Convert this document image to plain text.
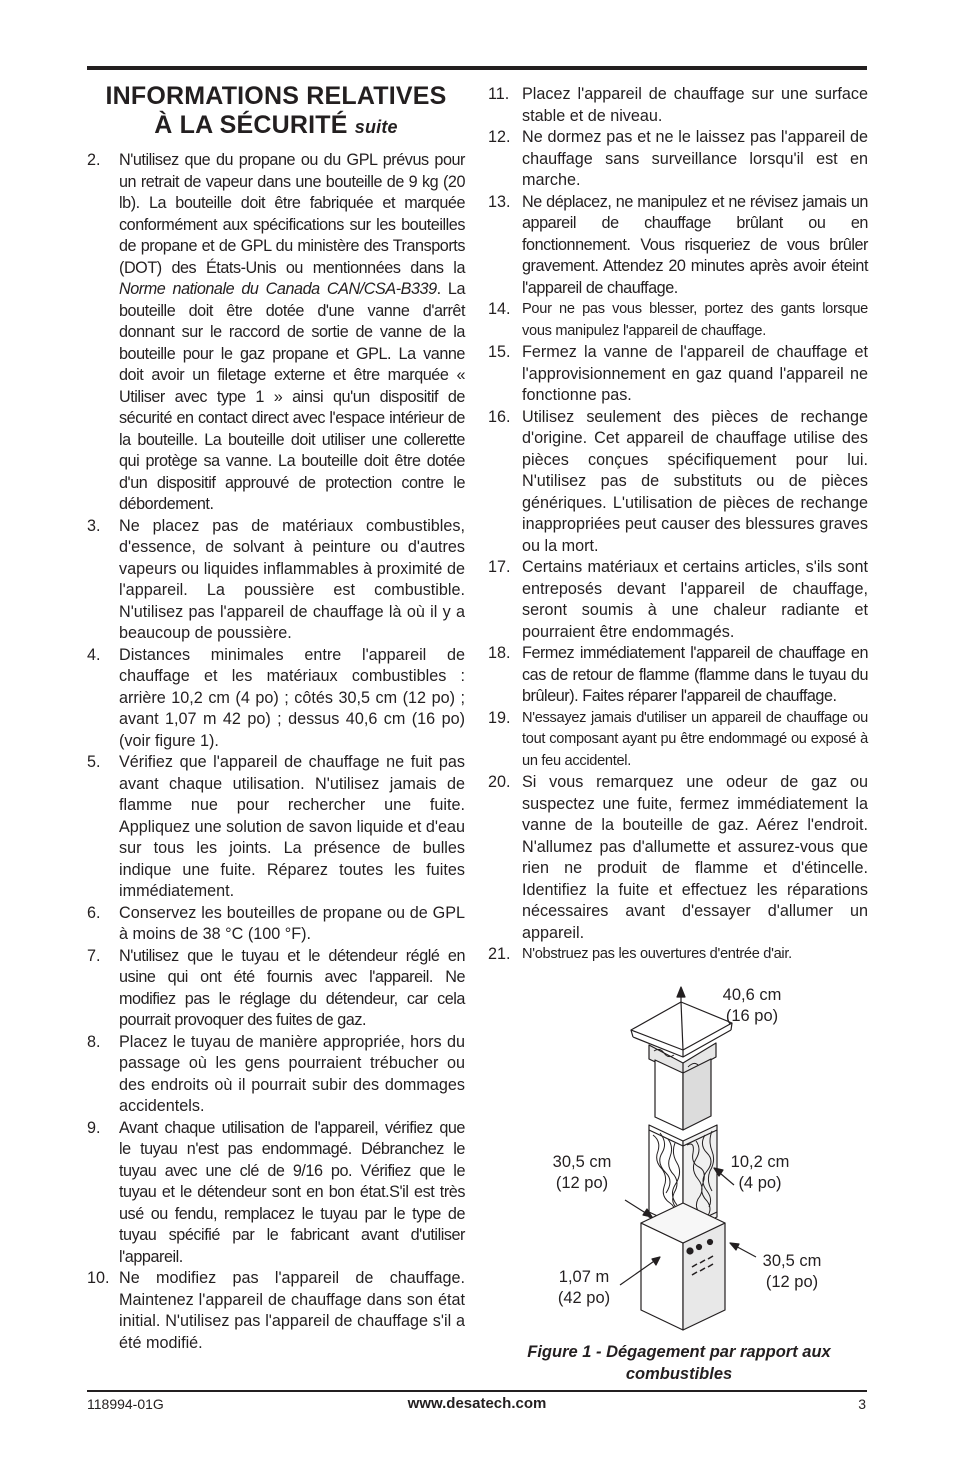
INFORMATIONS RELATIVES
À LA SÉCURITÉ suite
2.	N'utilisez que du propane ou du GPL prévus pour un retrait de vapeur dans une bouteille de 9 kg (20 lb). La bouteille doit être fabriquée et marquée conformément aux spécifications sur les bouteilles de propane et de GPL du ministère des Transports (DOT) des États-Unis ou mentionnées dans la Norme nationale du Canada CAN/CSA-B339. La bouteille doit être dotée d'une vanne d'arrêt donnant sur le raccord de sortie de vanne de la bouteille pour le gaz propane et GPL. La vanne doit avoir un filetage externe et être marquée « Utiliser avec type 1 » ainsi qu'un dispositif de sécurité en contact direct avec l'espace intérieur de la bouteille. La bouteille doit utiliser une collerette qui protège sa vanne. La bouteille doit être dotée d'un dispositif approuvé de protection contre le débordement.
3.	Ne placez pas de matériaux combustibles, d'essence, de solvant à peinture ou d'autres vapeurs ou liquides inflammables à proximité de l'appareil. La poussière est combustible. N'utilisez pas l'appareil de chauffage là où il y a beaucoup de poussière.
4.	Distances minimales entre l'appareil de chauffage et les matériaux combustibles : arrière 10,2 cm (4 po) ; côtés 30,5 cm (12 po) ; avant 1,07 m 42 po) ; dessus 40,6 cm (16 po) (voir figure 1).
5.	Vérifiez que l'appareil de chauffage ne fuit pas avant chaque utilisation. N'utilisez jamais de flamme nue pour rechercher une fuite. Appliquez une solution de savon liquide et d'eau sur tous les joints. La présence de bulles indique une fuite. Réparez toutes les fuites immédiatement.
6.	Conservez les bouteilles de propane ou de GPL à moins de 38 °C (100 °F).
7.	N'utilisez que le tuyau et le détendeur réglé en usine qui ont été fournis avec l'appareil. Ne modifiez pas le réglage du détendeur, car cela pourrait provoquer des fuites de gaz.
8.	Placez le tuyau de manière appropriée, hors du passage où les gens pourraient trébucher ou des endroits où il pourrait subir des dommages accidentels.
9.	Avant chaque utilisation de l'appareil, vérifiez que le tuyau n'est pas endommagé. Débranchez le tuyau avec une clé de 9/16 po. Vérifiez que le tuyau et le détendeur sont en bon état.S'il est très usé ou fendu, remplacez le tuyau par le type de tuyau spécifié par le fabricant avant d'utiliser l'appareil.
10. Ne modifiez pas l'appareil de chauffage. Maintenez l'appareil de chauffage dans son état initial. N'utilisez pas l'appareil de chauffage s'il a été modifié.
11. Placez l'appareil de chauffage sur une surface stable et de niveau.
12. Ne dormez pas et ne le laissez pas l'appareil de chauffage sans surveillance lorsqu'il est en marche.
13. Ne déplacez, ne manipulez et ne révisez jamais un appareil de chauffage brûlant ou en fonctionnement. Vous risqueriez de vous brûler gravement. Attendez 20 minutes après avoir éteint l'appareil de chauffage.
14. Pour ne pas vous blesser, portez des gants lorsque vous manipulez l'appareil de chauffage.
15. Fermez la vanne de l'appareil de chauffage et l'approvisionnement en gaz quand l'appareil ne fonctionne pas.
16. Utilisez seulement des pièces de rechange d'origine. Cet appareil de chauffage utilise des pièces conçues spécifiquement pour lui. N'utilisez pas de substituts ou de pièces génériques. L'utilisation de pièces de rechange inappropriées peut causer des blessures graves ou la mort.
17. Certains matériaux et certains articles, s'ils sont entreposés devant l'appareil de chauffage, seront soumis à une chaleur radiante et pourraient être endommagés.
18. Fermez immédiatement l'appareil de chauffage en cas de retour de flamme (flamme dans le tuyau du brûleur). Faites réparer l'appareil de chauffage.
19. N'essayez jamais d'utiliser un appareil de chauffage ou tout composant ayant pu être endommagé ou exposé à un feu accidentel.
20. Si vous remarquez une odeur de gaz ou suspectez une fuite, fermez immédiatement la vanne de la bouteille de gaz. Aérez l'endroit. N'allumez pas d'allumette et assurez-vous que rien ne produit de flamme et d'étincelle. Identifiez la fuite et effectuez les réparations nécessaires avant d'essayer d'allumer un appareil.
21. N'obstruez pas les ouvertures d'entrée d'air.
40,6 cm
(16 po)
30,5 cm
(12 po)
10,2 cm
(4 po)
30,5 cm
(12 po)
1,07 m
(42 po)
Figure 1 - Dégagement par rapport aux
combustibles
118994-01G	www.desatech.com	3
